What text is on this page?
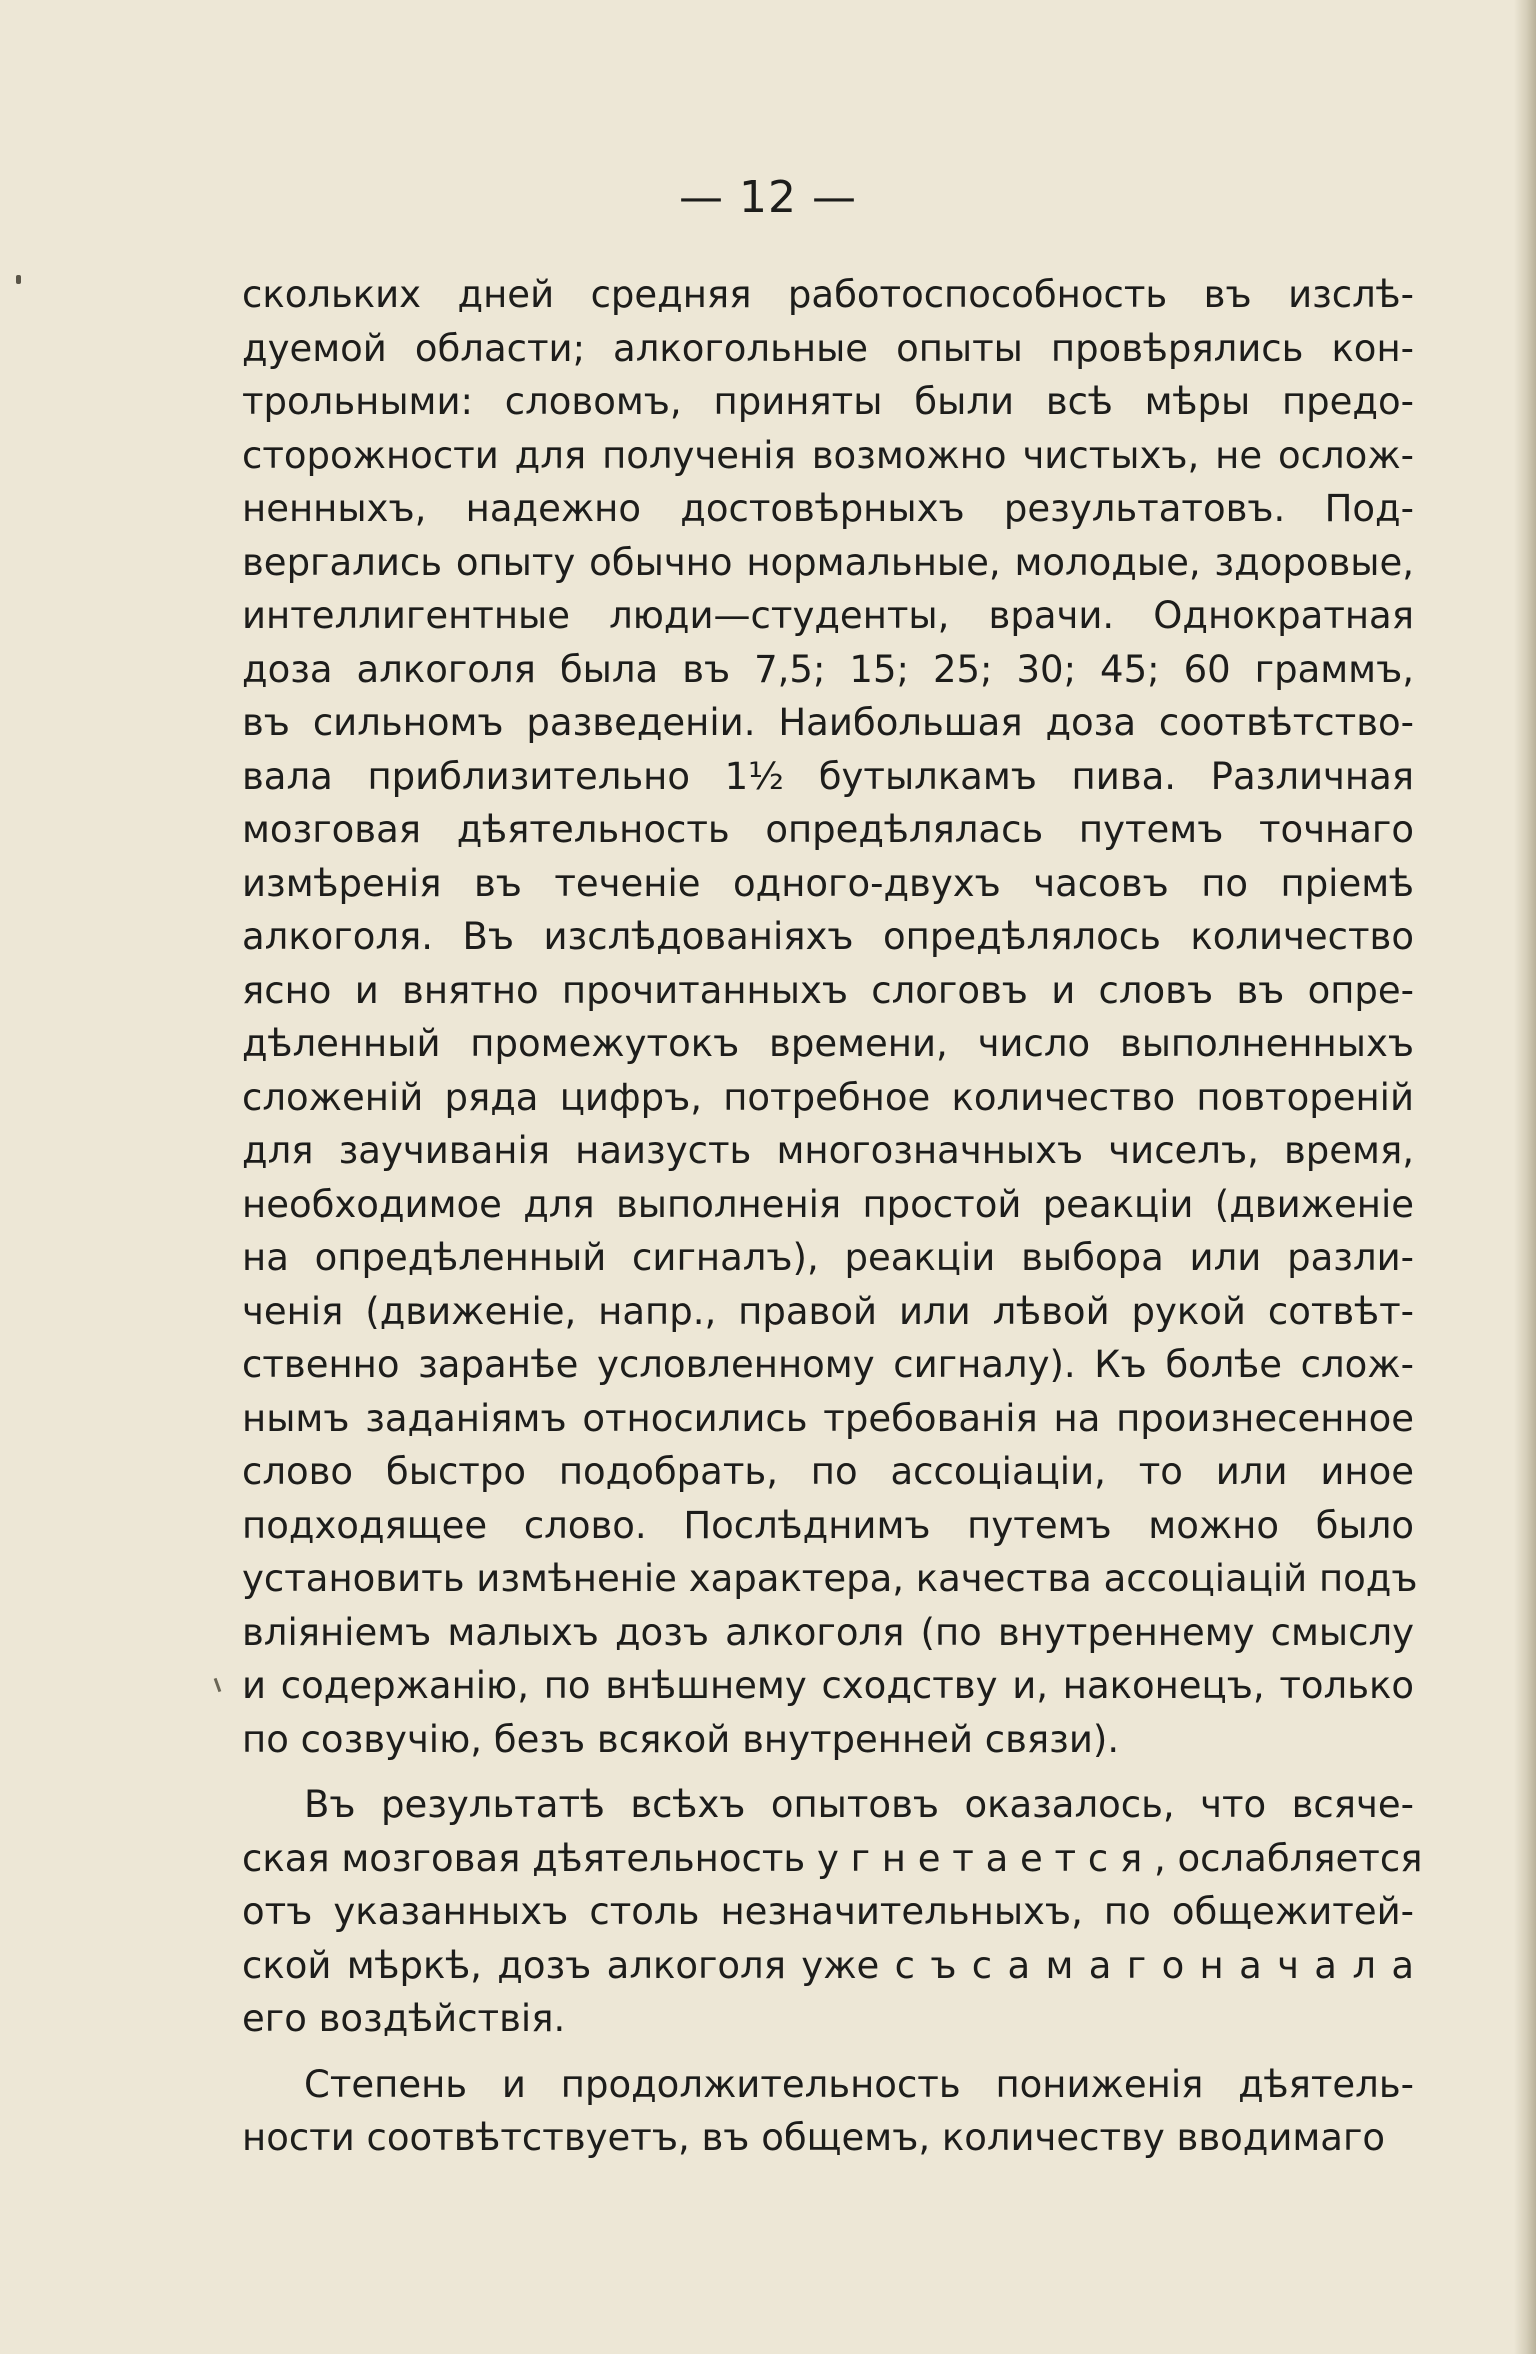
— 12 —
скольких дней средняя работоспособность въ изслѣ-
дуемой области; алкогольные опыты провѣрялись кон-
трольными: словомъ, приняты были всѣ мѣры предо-
сторожности для полученія возможно чистыхъ, не ослож-
ненныхъ, надежно достовѣрныхъ результатовъ. Под-
вергались опыту обычно нормальные, молодые, здоровые,
интеллигентные люди—студенты, врачи. Однократная
доза алкоголя была въ 7,5; 15; 25; 30; 45; 60 граммъ,
въ сильномъ разведеніи. Наибольшая доза соотвѣтство-
вала приблизительно 1½ бутылкамъ пива. Различная
мозговая дѣятельность опредѣлялась путемъ точнаго
измѣренія въ теченіе одного-двухъ часовъ по пріемѣ
алкоголя. Въ изслѣдованіяхъ опредѣлялось количество
ясно и внятно прочитанныхъ слоговъ и словъ въ опре-
дѣленный промежутокъ времени, число выполненныхъ
сложеній ряда цифръ, потребное количество повтореній
для заучиванія наизусть многозначныхъ чиселъ, время,
необходимое для выполненія простой реакціи (движеніе
на опредѣленный сигналъ), реакціи выбора или разли-
ченія (движеніе, напр., правой или лѣвой рукой сотвѣт-
ственно заранѣе условленному сигналу). Къ болѣе слож-
нымъ заданіямъ относились требованія на произнесенное
слово быстро подобрать, по ассоціаціи, то или иное
подходящее слово. Послѣднимъ путемъ можно было
установить измѣненіе характера, качества ассоціацій подъ
вліяніемъ малыхъ дозъ алкоголя (по внутреннему смыслу
и содержанію, по внѣшнему сходству и, наконецъ, только
по созвучію, безъ всякой внутренней связи).
Въ результатѣ всѣхъ опытовъ оказалось, что всяче-
ская мозговая дѣятельность у г н е т а е т с я , ослабляется
отъ указанныхъ столь незначительныхъ, по общежитей-
ской мѣркѣ, дозъ алкоголя уже с ъ с а м а г о н а ч а л а
его воздѣйствія.
Степень и продолжительность пониженія дѣятель-
ности соотвѣтствуетъ, въ общемъ, количеству вводимаго
